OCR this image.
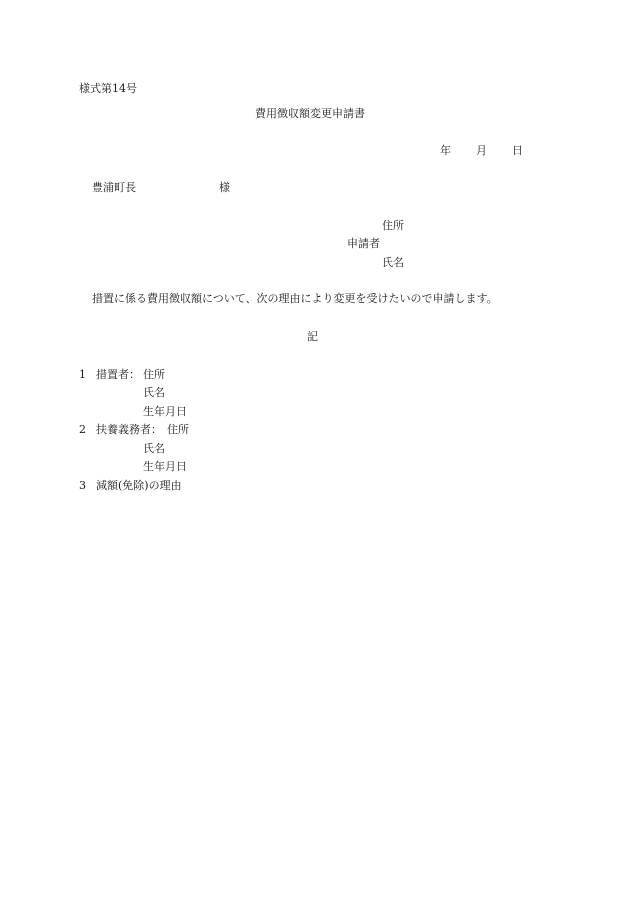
様式第14号
費用徴収額変更申請書
年 月 日
豊浦町長	様
住所
申請者
氏名
措置に係る費用徴収額について、次の理由により変更を受けたいので申請します。
記
1 措置者： 住所
氏名
生年月日
2 扶養義務者： 住所
氏名
生年月日
3 減額(免除)の理由
